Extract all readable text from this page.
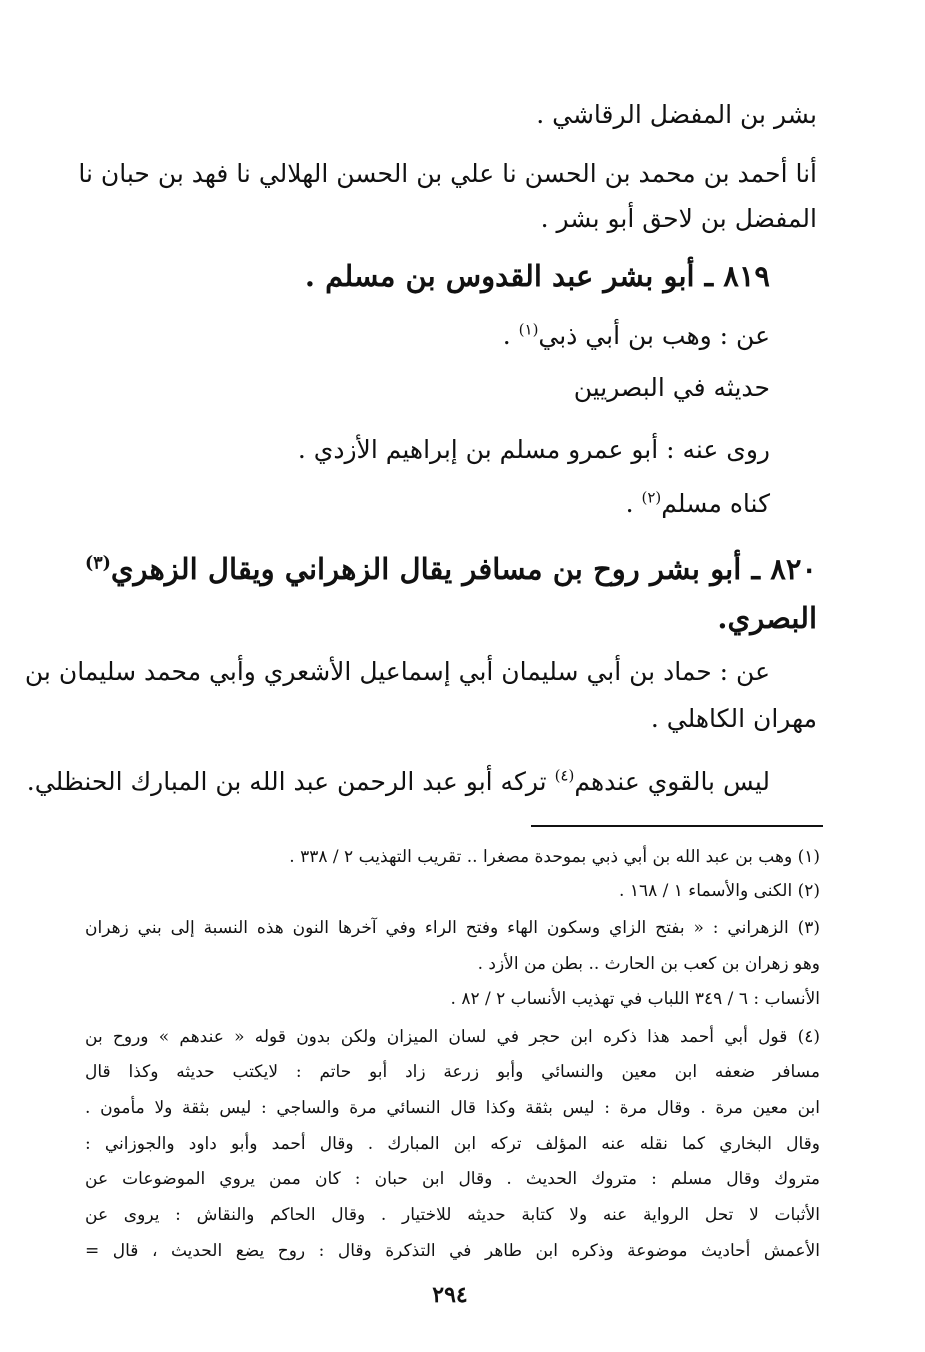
بشر بن المفضل الرقاشي .
أنا أحمد بن محمد بن الحسن نا علي بن الحسن الهلالي نا فهد بن حبان نا
المفضل بن لاحق أبو بشر .
٨١٩ ـ أبو بشر عبد القدوس بن مسلم .
عن : وهب بن أبي ذبي$^{(١)}$ .
حديثه في البصريين
روى عنه : أبو عمرو مسلم بن إبراهيم الأزدي .
كناه مسلم$^{(٢)}$ .
٨٢٠ ـ أبو بشر روح بن مسافر يقال الزهراني ويقال الزهري$^{(٣)}$
البصري.
عن : حماد بن أبي سليمان أبي إسماعيل الأشعري وأبي محمد سليمان بن
مهران الكاهلي .
ليس بالقوي عندهم$^{(٤)}$ تركه أبو عبد الرحمن عبد الله بن المبارك الحنظلي.
(١) وهب بن عبد الله بن أبي ذبي بموحدة مصغرا .. تقريب التهذيب ٢ / ٣٣٨ .
(٢) الكنى والأسماء ١ / ١٦٨ .
(٣) الزهراني : « بفتح الزاي وسكون الهاء وفتح الراء وفي آخرها النون هذه النسبة إلى بني زهران
وهو زهران بن كعب بن الحارث .. بطن من الأزد .
الأنساب : ٦ / ٣٤٩ اللباب في تهذيب الأنساب ٢ / ٨٢ .
(٤) قول أبي أحمد هذا ذكره ابن حجر في لسان الميزان ولكن بدون قوله « عندهم » وروح بن
مسافر ضعفه ابن معين والنسائي وأبو زرعة زاد أبو حاتم : لايكتب حديثه وكذا قال
ابن معين مرة . وقال مرة : ليس بثقة وكذا قال النسائي مرة والساجي : ليس بثقة ولا مأمون .
وقال البخاري كما نقله عنه المؤلف تركه ابن المبارك . وقال أحمد وأبو داود والجوزاني :
متروك وقال مسلم : متروك الحديث . وقال ابن حبان : كان ممن يروي الموضوعات عن
الأثبات لا تحل الرواية عنه ولا كتابة حديثه للاختيار . وقال الحاكم والنقاش : يروى عن
الأعمش أحاديث موضوعة وذكره ابن طاهر في التذكرة وقال : روح يضع الحديث ، قال =
٢٩٤
